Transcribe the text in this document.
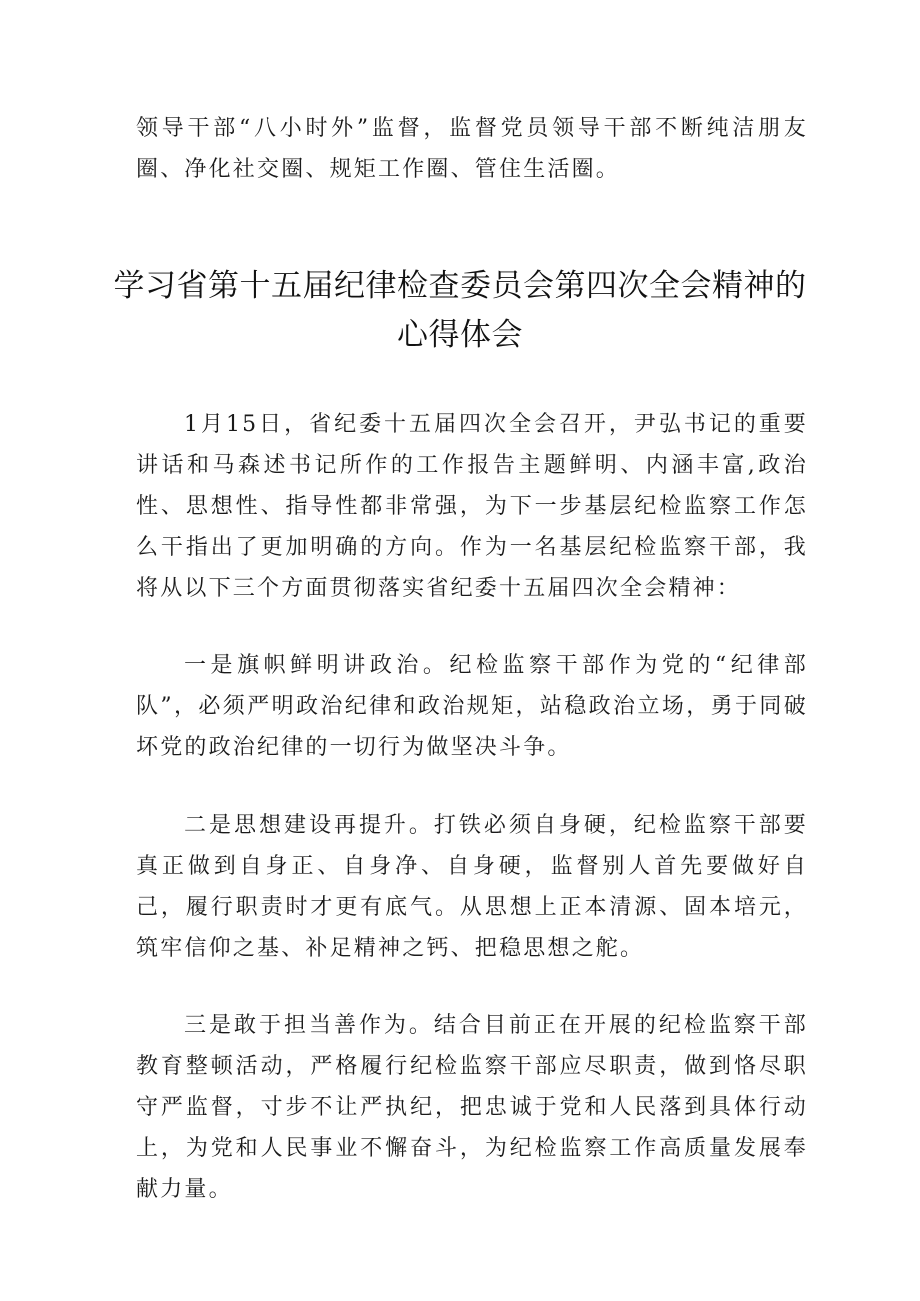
领导干部“八小时外”监督，监督党员领导干部不断纯洁朋友圈、净化社交圈、规矩工作圈、管住生活圈。

学习省第十五届纪律检查委员会第四次全会精神的心得体会

1月15日，省纪委十五届四次全会召开，尹弘书记的重要讲话和马森述书记所作的工作报告主题鲜明、内涵丰富,政治性、思想性、指导性都非常强，为下一步基层纪检监察工作怎么干指出了更加明确的方向。作为一名基层纪检监察干部，我将从以下三个方面贯彻落实省纪委十五届四次全会精神：

一是旗帜鲜明讲政治。纪检监察干部作为党的“纪律部队”，必须严明政治纪律和政治规矩，站稳政治立场，勇于同破坏党的政治纪律的一切行为做坚决斗争。

二是思想建设再提升。打铁必须自身硬，纪检监察干部要真正做到自身正、自身净、自身硬，监督别人首先要做好自己，履行职责时才更有底气。从思想上正本清源、固本培元，筑牢信仰之基、补足精神之钙、把稳思想之舵。

三是敢于担当善作为。结合目前正在开展的纪检监察干部教育整顿活动，严格履行纪检监察干部应尽职责，做到恪尽职守严监督，寸步不让严执纪，把忠诚于党和人民落到具体行动上，为党和人民事业不懈奋斗，为纪检监察工作高质量发展奉献力量。
